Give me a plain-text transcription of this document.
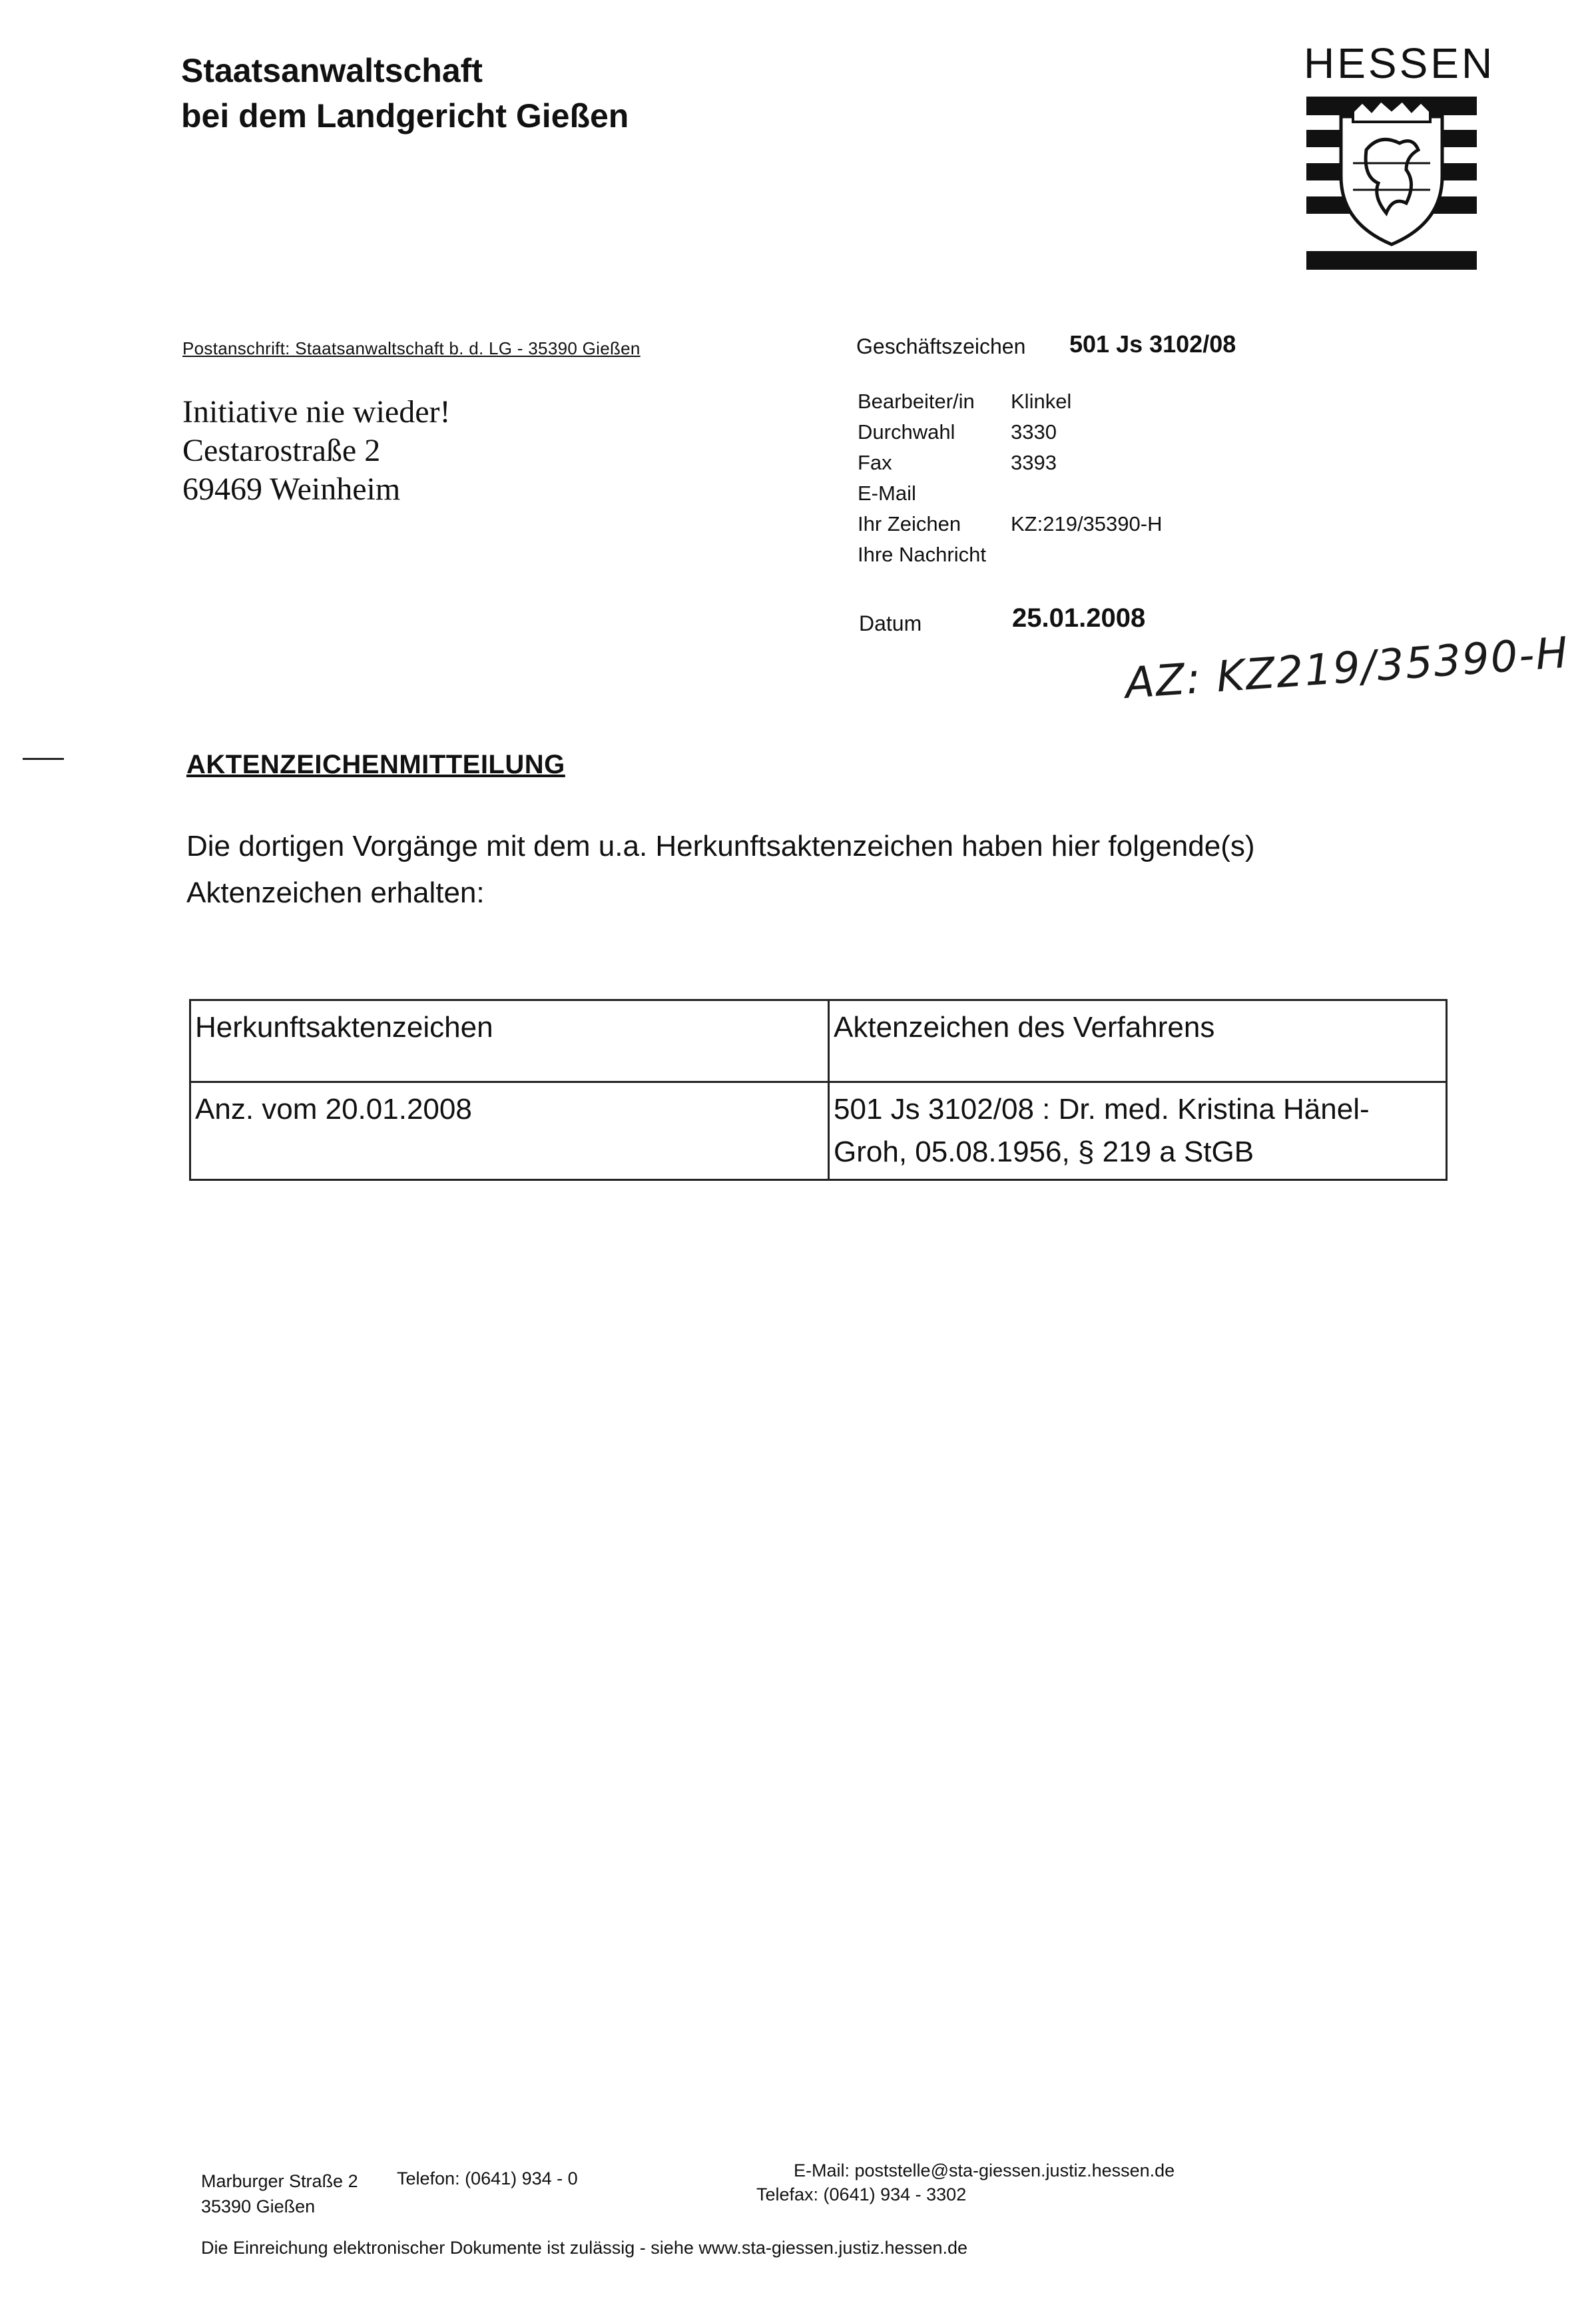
Staatsanwaltschaft
bei dem Landgericht Gießen
HESSEN
Postanschrift: Staatsanwaltschaft b. d. LG - 35390 Gießen
Initiative nie wieder!
Cestarostraße 2
69469 Weinheim
Geschäftszeichen 501 Js 3102/08
Bearbeiter/in	Klinkel
Durchwahl	3330
Fax	3393
E-Mail
Ihr Zeichen	KZ:219/35390-H
Ihre Nachricht
Datum	25.01.2008
AZ: KZ219/35390-H
AKTENZEICHENMITTEILUNG
Die dortigen Vorgänge mit dem u.a. Herkunftsaktenzeichen haben hier folgende(s)
Aktenzeichen erhalten:
Herkunftsaktenzeichen	Aktenzeichen des Verfahrens
Anz. vom 20.01.2008	501 Js 3102/08 : Dr. med. Kristina Hänel-
Groh, 05.08.1956, § 219 a StGB
Marburger Straße 2
35390 Gießen
Telefon: (0641) 934 - 0	E-Mail: poststelle@sta-giessen.justiz.hessen.de
Telefax: (0641) 934 - 3302
Die Einreichung elektronischer Dokumente ist zulässig - siehe www.sta-giessen.justiz.hessen.de
